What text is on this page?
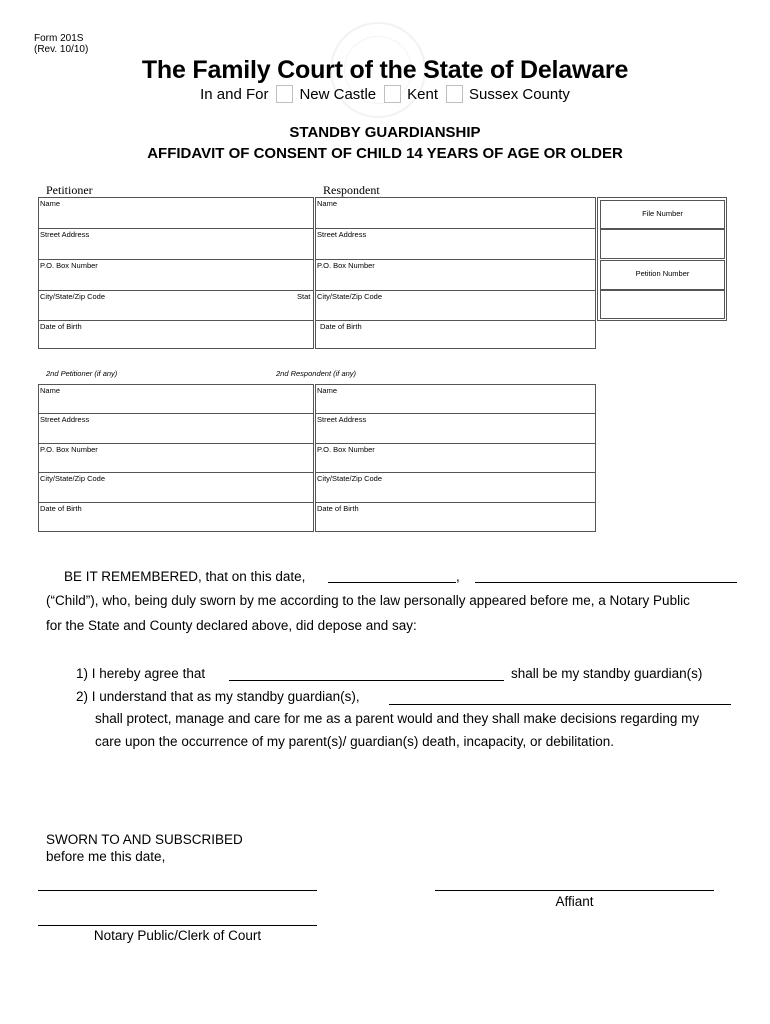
Form 201S
(Rev. 10/10)
The Family Court of the State of Delaware
In and For New Castle Kent Sussex County
STANDBY GUARDIANSHIP
AFFIDAVIT OF CONSENT OF CHILD 14 YEARS OF AGE OR OLDER
Petitioner	Respondent
Name
Street Address
P.O. Box Number
City/State/Zip Code	Stat
Date of Birth
Name
Street Address
P.O. Box Number
City/State/Zip Code
Date of Birth
File Number
Petition Number
2nd Petitioner (if any)	2nd Respondent (if any)
Name
Street Address
P.O. Box Number
City/State/Zip Code
Date of Birth
Name
Street Address
P.O. Box Number
City/State/Zip Code
Date of Birth
BE IT REMEMBERED, that on this date,	,
(“Child”), who, being duly sworn by me according to the law personally appeared before me, a Notary Public
for the State and County declared above, did depose and say:
1) I hereby agree that	shall be my standby guardian(s)
2) I understand that as my standby guardian(s),
shall protect, manage and care for me as a parent would and they shall make decisions regarding my
care upon the occurrence of my parent(s)/ guardian(s) death, incapacity, or debilitation.
SWORN TO AND SUBSCRIBED
before me this date,
Affiant
Notary Public/Clerk of Court
